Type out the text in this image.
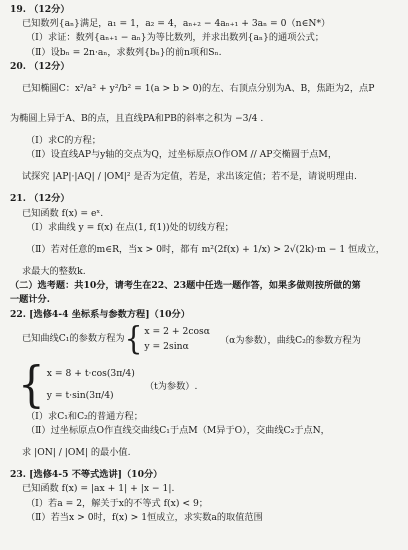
19. （12分）
已知数列{aₙ}满足，a₁ = 1，a₂ = 4，aₙ₊₂ − 4aₙ₊₁ + 3aₙ = 0（n∈N*）
（Ⅰ）求证：数列{aₙ₊₁ − aₙ}为等比数列，并求出数列{aₙ}的通项公式；
（Ⅱ）设bₙ = 2n·aₙ，求数列{bₙ}的前n项和Sₙ.
20. （12分）
已知椭圆C：x²/a² + y²/b² = 1(a > b > 0)的左、右顶点分别为A、B，焦距为2，点P
为椭圆上异于A、B的点，且直线PA和PB的斜率之积为 −3/4 .
（Ⅰ）求C的方程；
（Ⅱ）设直线AP与y轴的交点为Q，过坐标原点O作OM // AP交椭圆于点M，
试探究 |AP|·|AQ| / |OM|² 是否为定值，若是，求出该定值；若不是，请说明理由.
21. （12分）
已知函数 f(x) = eˣ.
（Ⅰ）求曲线 y = f(x) 在点(1, f(1))处的切线方程；
（Ⅱ）若对任意的m∈R，当x > 0时，都有 m²(2f(x) + 1/x) > 2√(2k)·m − 1 恒成立，
求最大的整数k.
（二）选考题：共10分，请考生在22、23题中任选一题作答，如果多做则按所做的第
一题计分.
22. [选修4-4 坐标系与参数方程]（10分）
已知曲线C₁的参数方程为 { x = 2 + 2cosα
y = 2sinα
（α为参数），曲线C₂的参数方程为
{ x = 8 + t·cos(3π/4)
y = t·sin(3π/4)
（t为参数）.
（Ⅰ）求C₁和C₂的普通方程；
（Ⅱ）过坐标原点O作直线交曲线C₁于点M（M异于O），交曲线C₂于点N，
求 |ON| / |OM| 的最小值.
23. [选修4-5 不等式选讲]（10分）
已知函数 f(x) = |ax + 1| + |x − 1|.
（Ⅰ）若a = 2，解关于x的不等式 f(x) < 9；
（Ⅱ）若当x > 0时，f(x) > 1恒成立，求实数a的取值范围
